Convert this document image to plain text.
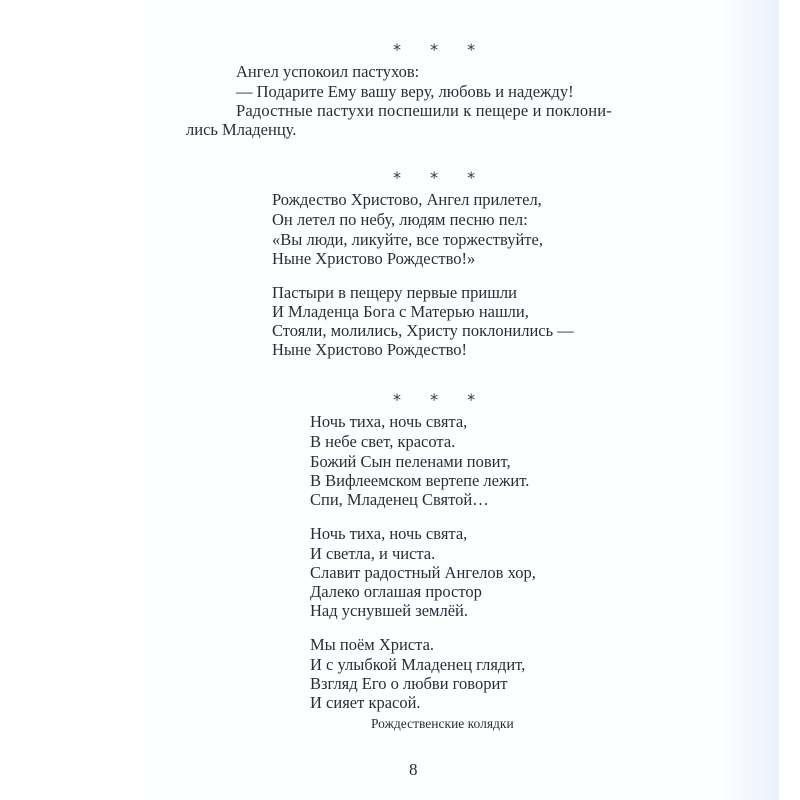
* * *
Ангел успокоил пастухов:
— Подарите Ему вашу веру, любовь и надежду!
Радостные пастухи поспешили к пещере и поклони-
лись Младенцу.
* * *
Рождество Христово, Ангел прилетел,
Он летел по небу, людям песню пел:
«Вы люди, ликуйте, все торжествуйте,
Ныне Христово Рождество!»
Пастыри в пещеру первые пришли
И Младенца Бога с Матерью нашли,
Стояли, молились, Христу поклонились —
Ныне Христово Рождество!
* * *
Ночь тиха, ночь свята,
В небе свет, красота.
Божий Сын пеленами повит,
В Вифлеемском вертепе лежит.
Спи, Младенец Святой…
Ночь тиха, ночь свята,
И светла, и чиста.
Славит радостный Ангелов хор,
Далеко оглашая простор
Над уснувшей землёй.
Мы поём Христа.
И с улыбкой Младенец глядит,
Взгляд Его о любви говорит
И сияет красой.
Рождественские колядки
8
